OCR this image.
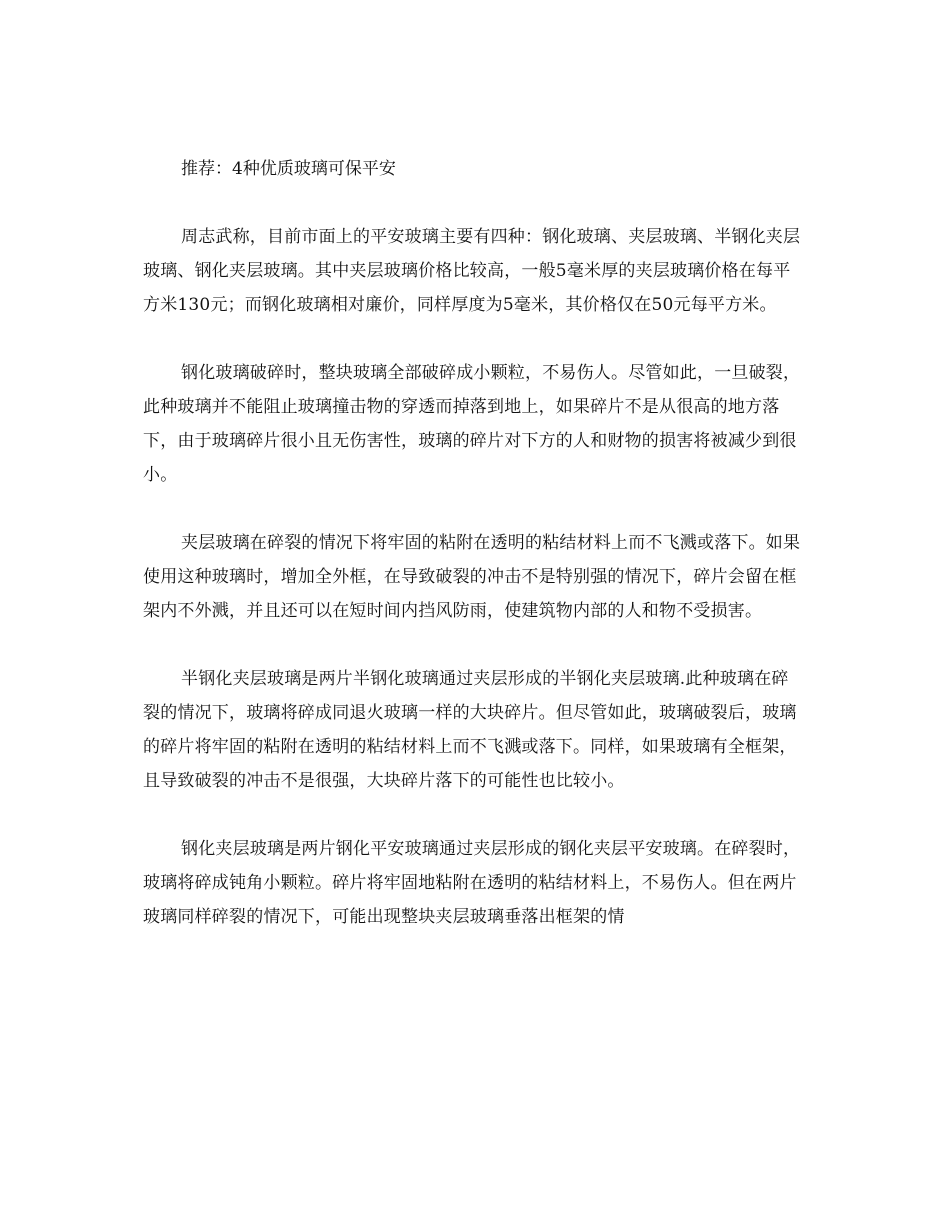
推荐：4种优质玻璃可保平安

周志武称，目前市面上的平安玻璃主要有四种：钢化玻璃、夹层玻璃、半钢化夹层玻璃、钢化夹层玻璃。其中夹层玻璃价格比较高，一般5毫米厚的夹层玻璃价格在每平方米130元；而钢化玻璃相对廉价，同样厚度为5毫米，其价格仅在50元每平方米。

钢化玻璃破碎时，整块玻璃全部破碎成小颗粒，不易伤人。尽管如此，一旦破裂，此种玻璃并不能阻止玻璃撞击物的穿透而掉落到地上，如果碎片不是从很高的地方落下，由于玻璃碎片很小且无伤害性，玻璃的碎片对下方的人和财物的损害将被减少到很小。

夹层玻璃在碎裂的情况下将牢固的粘附在透明的粘结材料上而不飞溅或落下。如果使用这种玻璃时，增加全外框，在导致破裂的冲击不是特别强的情况下，碎片会留在框架内不外溅，并且还可以在短时间内挡风防雨，使建筑物内部的人和物不受损害。

半钢化夹层玻璃是两片半钢化玻璃通过夹层形成的半钢化夹层玻璃.此种玻璃在碎裂的情况下，玻璃将碎成同退火玻璃一样的大块碎片。但尽管如此，玻璃破裂后，玻璃的碎片将牢固的粘附在透明的粘结材料上而不飞溅或落下。同样，如果玻璃有全框架，且导致破裂的冲击不是很强，大块碎片落下的可能性也比较小。

钢化夹层玻璃是两片钢化平安玻璃通过夹层形成的钢化夹层平安玻璃。在碎裂时，玻璃将碎成钝角小颗粒。碎片将牢固地粘附在透明的粘结材料上，不易伤人。但在两片玻璃同样碎裂的情况下，可能出现整块夹层玻璃垂落出框架的情
